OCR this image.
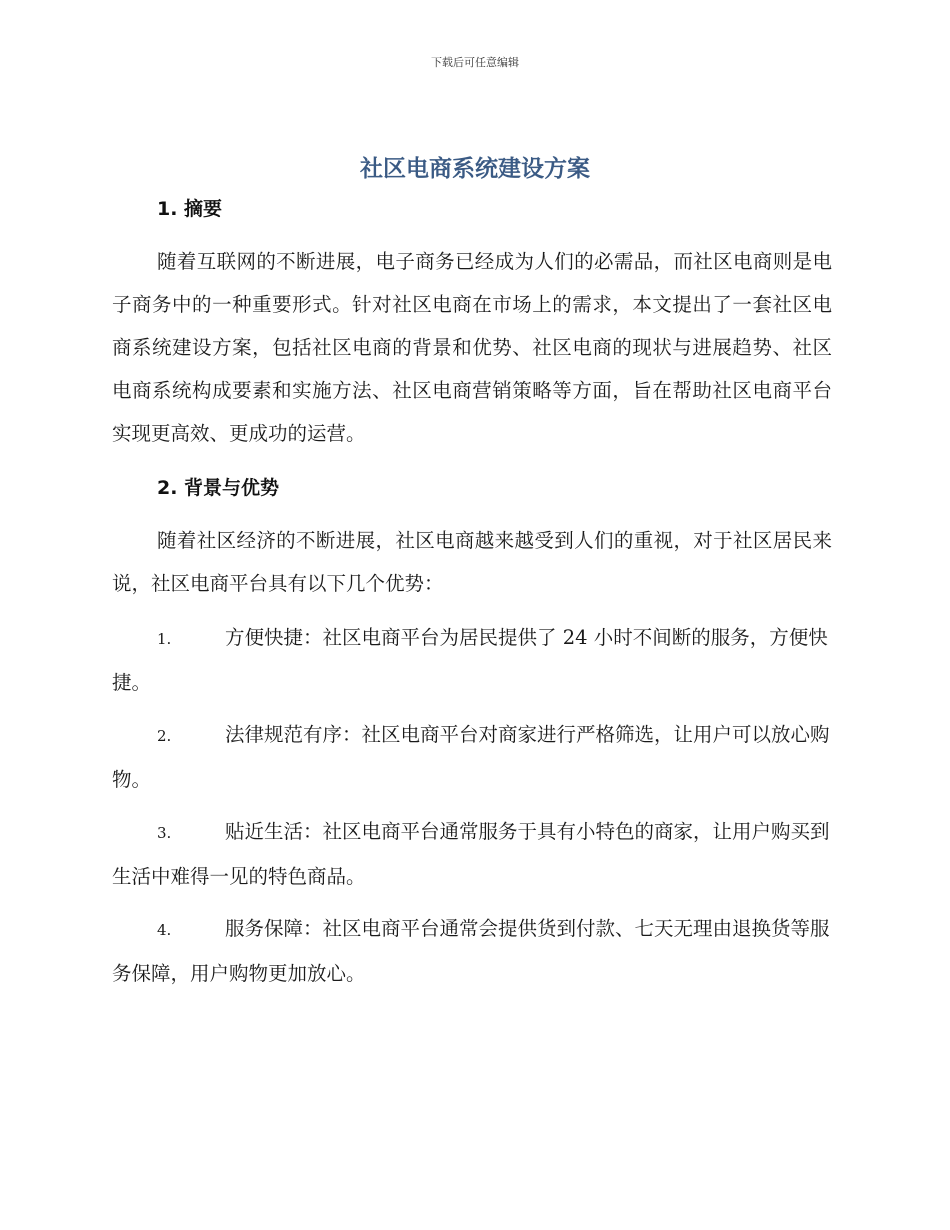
下载后可任意编辑
社区电商系统建设方案
1. 摘要
随着互联网的不断进展，电子商务已经成为人们的必需品，而社区电商则是电子商务中的一种重要形式。针对社区电商在市场上的需求，本文提出了一套社区电商系统建设方案，包括社区电商的背景和优势、社区电商的现状与进展趋势、社区电商系统构成要素和实施方法、社区电商营销策略等方面，旨在帮助社区电商平台实现更高效、更成功的运营。
2. 背景与优势
随着社区经济的不断进展，社区电商越来越受到人们的重视，对于社区居民来说，社区电商平台具有以下几个优势：
1.	方便快捷：社区电商平台为居民提供了 24 小时不间断的服务，方便快捷。
2.	法律规范有序：社区电商平台对商家进行严格筛选，让用户可以放心购物。
3.	贴近生活：社区电商平台通常服务于具有小特色的商家，让用户购买到生活中难得一见的特色商品。
4.	服务保障：社区电商平台通常会提供货到付款、七天无理由退换货等服务保障，用户购物更加放心。
